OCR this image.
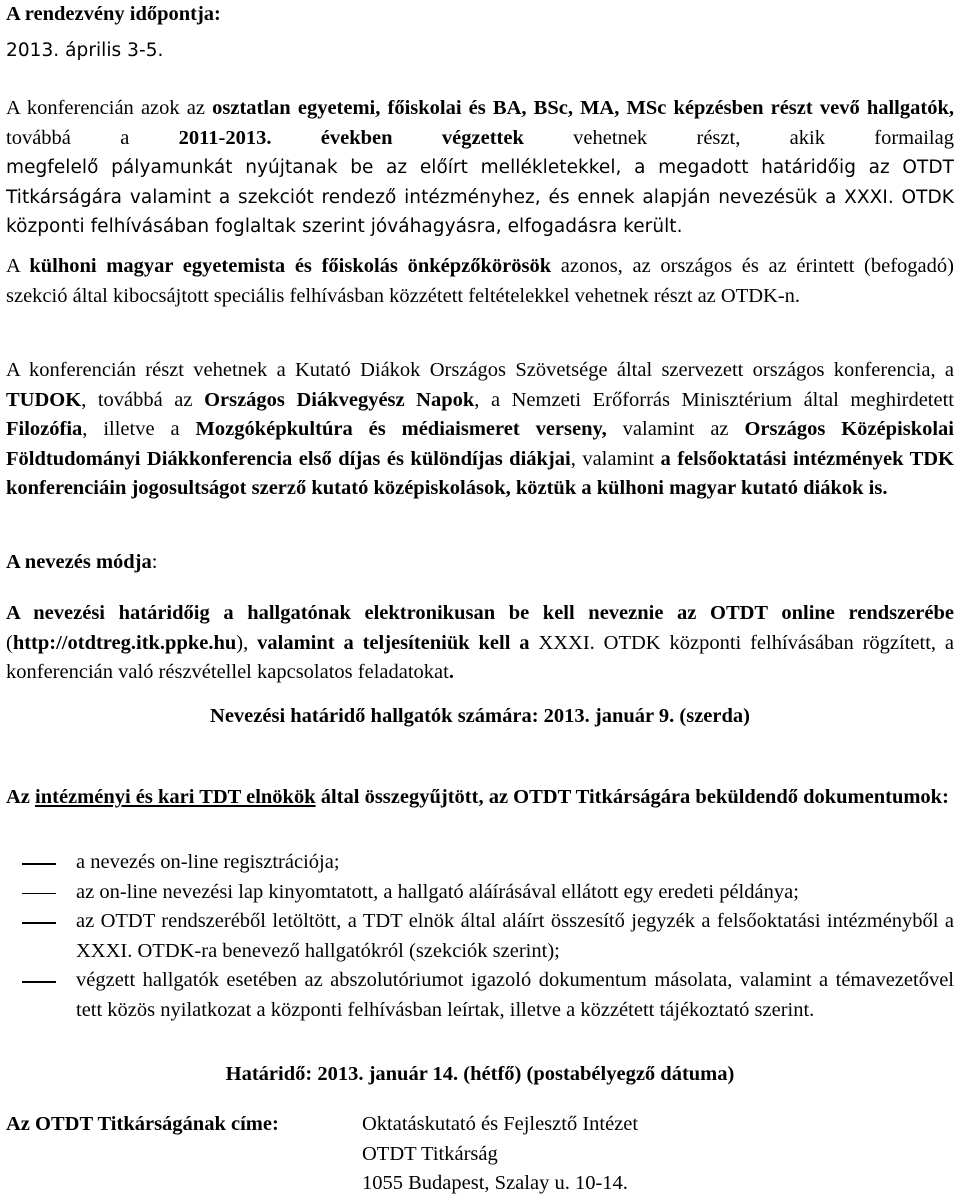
A rendezvény időpontja:

2013. április 3-5.

A konferencián azok az osztatlan egyetemi, főiskolai és BA, BSc, MA, MSc képzésben részt vevő hallgatók, továbbá a 2011-2013. években végzettek vehetnek részt, akik formailag

megfelelő pályamunkát nyújtanak be az előírt mellékletekkel, a megadott határidőig az OTDT Titkárságára valamint a szekciót rendező intézményhez, és ennek alapján nevezésük a XXXI. OTDK központi felhívásában foglaltak szerint jóváhagyásra, elfogadásra került.

A külhoni magyar egyetemista és főiskolás önképzőkörösök azonos, az országos és az érintett (befogadó) szekció által kibocsájtott speciális felhívásban közzétett feltételekkel vehetnek részt az OTDK-n.

A konferencián részt vehetnek a Kutató Diákok Országos Szövetsége által szervezett országos konferencia, a TUDOK, továbbá az Országos Diákvegyész Napok, a Nemzeti Erőforrás Minisztérium által meghirdetett Filozófia, illetve a Mozgóképkultúra és médiaismeret verseny, valamint az Országos Középiskolai Földtudományi Diákkonferencia első díjas és különdíjas diákjai, valamint a felsőoktatási intézmények TDK konferenciáin jogosultságot szerző kutató középiskolások, köztük a külhoni magyar kutató diákok is.

A nevezés módja:

A nevezési határidőig a hallgatónak elektronikusan be kell neveznie az OTDT online rendszerébe (http://otdtreg.itk.ppke.hu), valamint a teljesíteniük kell a XXXI. OTDK központi felhívásában rögzített, a konferencián való részvétellel kapcsolatos feladatokat.

Nevezési határidő hallgatók számára: 2013. január 9. (szerda)

Az intézményi és kari TDT elnökök által összegyűjtött, az OTDT Titkárságára beküldendő dokumentumok:

a nevezés on-line regisztrációja;
az on-line nevezési lap kinyomtatott, a hallgató aláírásával ellátott egy eredeti példánya;
az OTDT rendszeréből letöltött, a TDT elnök által aláírt összesítő jegyzék a felsőoktatási intézményből a XXXI. OTDK-ra benevező hallgatókról (szekciók szerint);
végzett hallgatók esetében az abszolutóriumot igazoló dokumentum másolata, valamint a témavezetővel tett közös nyilatkozat a központi felhívásban leírtak, illetve a közzétett tájékoztató szerint.

Határidő: 2013. január 14. (hétfő) (postabélyegző dátuma)

Az OTDT Titkárságának címe:	Oktatáskutató és Fejlesztő Intézet
OTDT Titkárság
1055 Budapest, Szalay u. 10-14.
